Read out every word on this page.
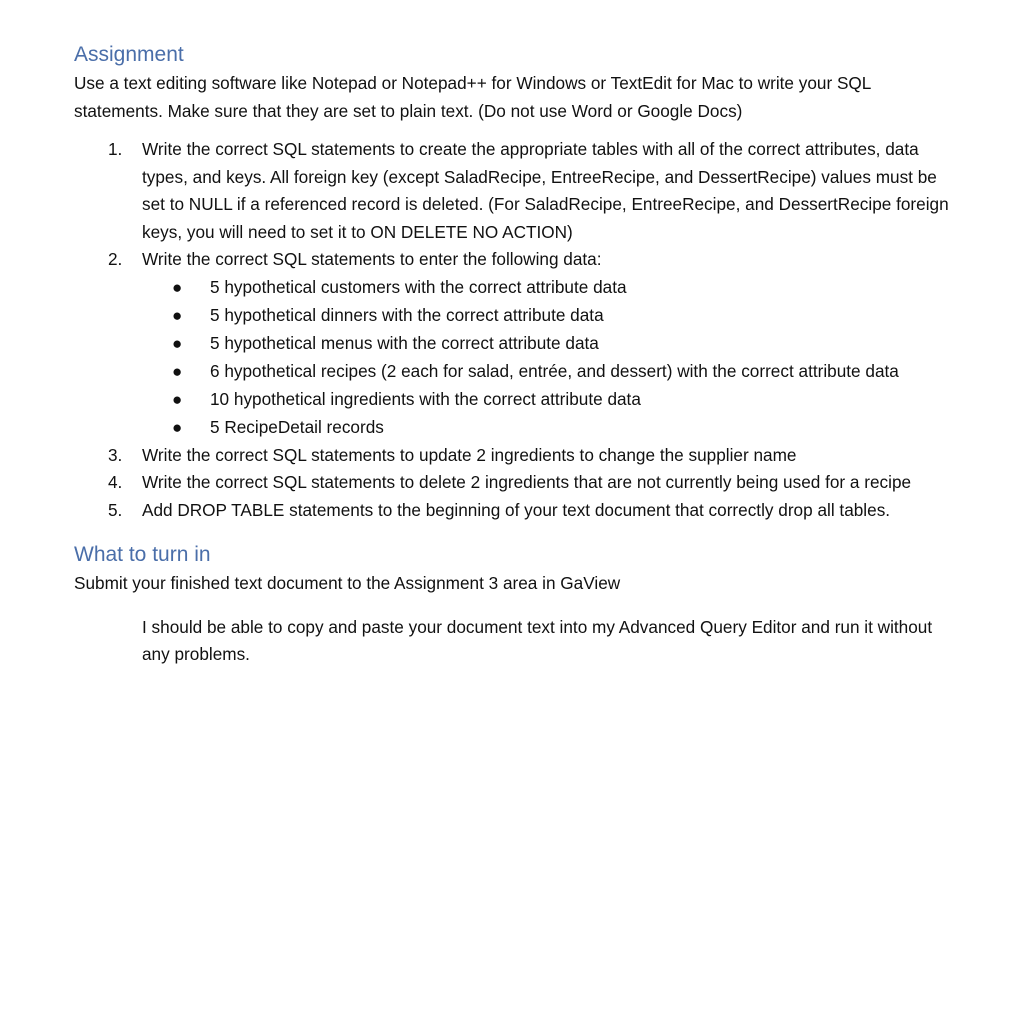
Assignment

Use a text editing software like Notepad or Notepad++ for Windows or TextEdit for Mac to write your SQL statements. Make sure that they are set to plain text. (Do not use Word or Google Docs)

1. Write the correct SQL statements to create the appropriate tables with all of the correct attributes, data types, and keys. All foreign key (except SaladRecipe, EntreeRecipe, and DessertRecipe) values must be set to NULL if a referenced record is deleted. (For SaladRecipe, EntreeRecipe, and DessertRecipe foreign keys, you will need to set it to ON DELETE NO ACTION)
2. Write the correct SQL statements to enter the following data:
● 5 hypothetical customers with the correct attribute data
● 5 hypothetical dinners with the correct attribute data
● 5 hypothetical menus with the correct attribute data
● 6 hypothetical recipes (2 each for salad, entrée, and dessert) with the correct attribute data
● 10 hypothetical ingredients with the correct attribute data
● 5 RecipeDetail records
3. Write the correct SQL statements to update 2 ingredients to change the supplier name
4. Write the correct SQL statements to delete 2 ingredients that are not currently being used for a recipe
5. Add DROP TABLE statements to the beginning of your text document that correctly drop all tables.
What to turn in

Submit your finished text document to the Assignment 3 area in GaView

I should be able to copy and paste your document text into my Advanced Query Editor and run it without any problems.
